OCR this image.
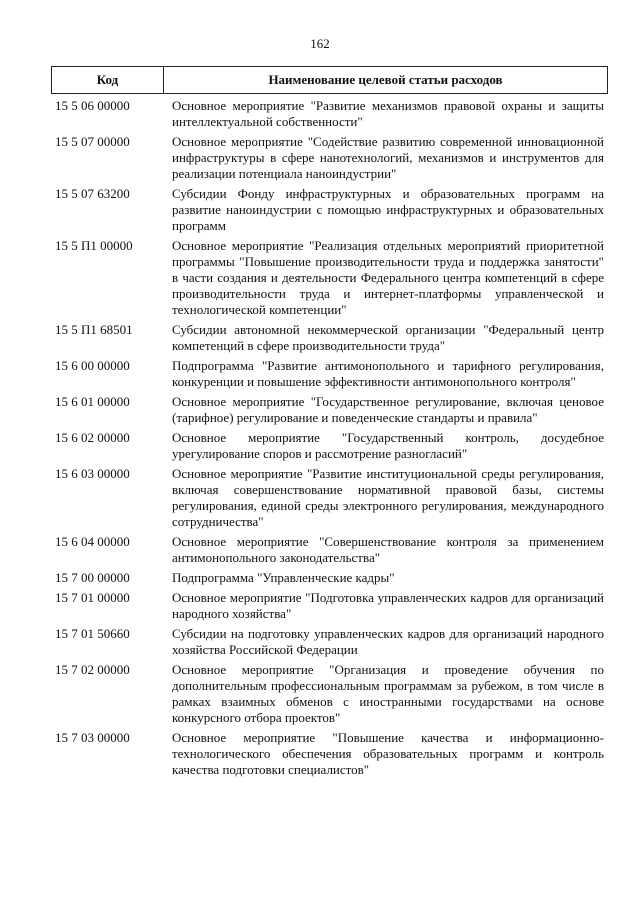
162
Код	Наименование целевой статьи расходов
15 5 06 00000	Основное мероприятие "Развитие механизмов правовой охраны и защиты интеллектуальной собственности"
15 5 07 00000	Основное мероприятие "Содействие развитию современной инновационной инфраструктуры в сфере нанотехнологий, механизмов и инструментов для реализации потенциала наноиндустрии"
15 5 07 63200	Субсидии Фонду инфраструктурных и образовательных программ на развитие наноиндустрии с помощью инфраструктурных и образовательных программ
15 5 П1 00000	Основное мероприятие "Реализация отдельных мероприятий приоритетной программы "Повышение производительности труда и поддержка занятости" в части создания и деятельности Федерального центра компетенций в сфере производительности труда и интернет-платформы управленческой и технологической компетенции"
15 5 П1 68501	Субсидии автономной некоммерческой организации "Федеральный центр компетенций в сфере производительности труда"
15 6 00 00000	Подпрограмма "Развитие антимонопольного и тарифного регулирования, конкуренции и повышение эффективности антимонопольного контроля"
15 6 01 00000	Основное мероприятие "Государственное регулирование, включая ценовое (тарифное) регулирование и поведенческие стандарты и правила"
15 6 02 00000	Основное мероприятие "Государственный контроль, досудебное урегулирование споров и рассмотрение разногласий"
15 6 03 00000	Основное мероприятие "Развитие институциональной среды регулирования, включая совершенствование нормативной правовой базы, системы регулирования, единой среды электронного регулирования, международного сотрудничества"
15 6 04 00000	Основное мероприятие "Совершенствование контроля за применением антимонопольного законодательства"
15 7 00 00000	Подпрограмма "Управленческие кадры"
15 7 01 00000	Основное мероприятие "Подготовка управленческих кадров для организаций народного хозяйства"
15 7 01 50660	Субсидии на подготовку управленческих кадров для организаций народного хозяйства Российской Федерации
15 7 02 00000	Основное мероприятие "Организация и проведение обучения по дополнительным профессиональным программам за рубежом, в том числе в рамках взаимных обменов с иностранными государствами на основе конкурсного отбора проектов"
15 7 03 00000	Основное мероприятие "Повышение качества и информационно-технологического обеспечения образовательных программ и контроль качества подготовки специалистов"
